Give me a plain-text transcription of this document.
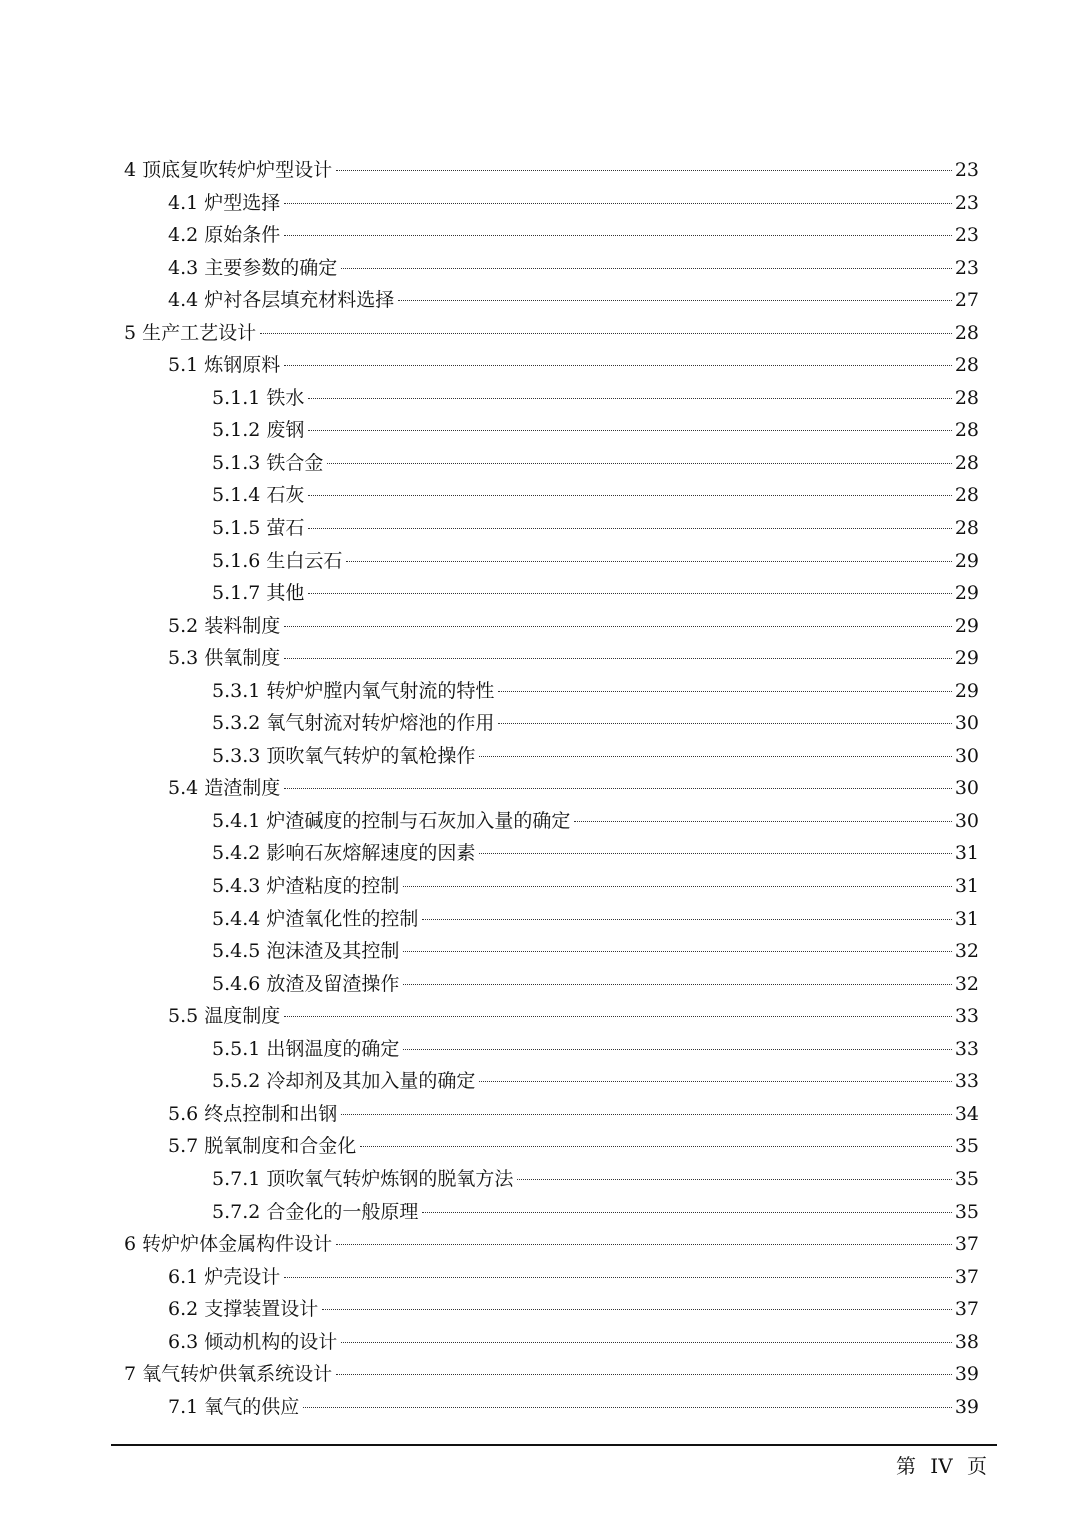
4 顶底复吹转炉炉型设计	23
4.1 炉型选择	23
4.2 原始条件	23
4.3 主要参数的确定	23
4.4 炉衬各层填充材料选择	27
5 生产工艺设计	28
5.1 炼钢原料	28
5.1.1 铁水	28
5.1.2 废钢	28
5.1.3 铁合金	28
5.1.4 石灰	28
5.1.5 萤石	28
5.1.6 生白云石	29
5.1.7 其他	29
5.2 装料制度	29
5.3 供氧制度	29
5.3.1 转炉炉膛内氧气射流的特性	29
5.3.2 氧气射流对转炉熔池的作用	30
5.3.3 顶吹氧气转炉的氧枪操作	30
5.4 造渣制度	30
5.4.1 炉渣碱度的控制与石灰加入量的确定	30
5.4.2 影响石灰熔解速度的因素	31
5.4.3 炉渣粘度的控制	31
5.4.4 炉渣氧化性的控制	31
5.4.5 泡沫渣及其控制	32
5.4.6 放渣及留渣操作	32
5.5 温度制度	33
5.5.1 出钢温度的确定	33
5.5.2 冷却剂及其加入量的确定	33
5.6 终点控制和出钢	34
5.7 脱氧制度和合金化	35
5.7.1 顶吹氧气转炉炼钢的脱氧方法	35
5.7.2 合金化的一般原理	35
6 转炉炉体金属构件设计	37
6.1 炉壳设计	37
6.2 支撑装置设计	37
6.3 倾动机构的设计	38
7 氧气转炉供氧系统设计	39
7.1 氧气的供应	39
第 IV 页
